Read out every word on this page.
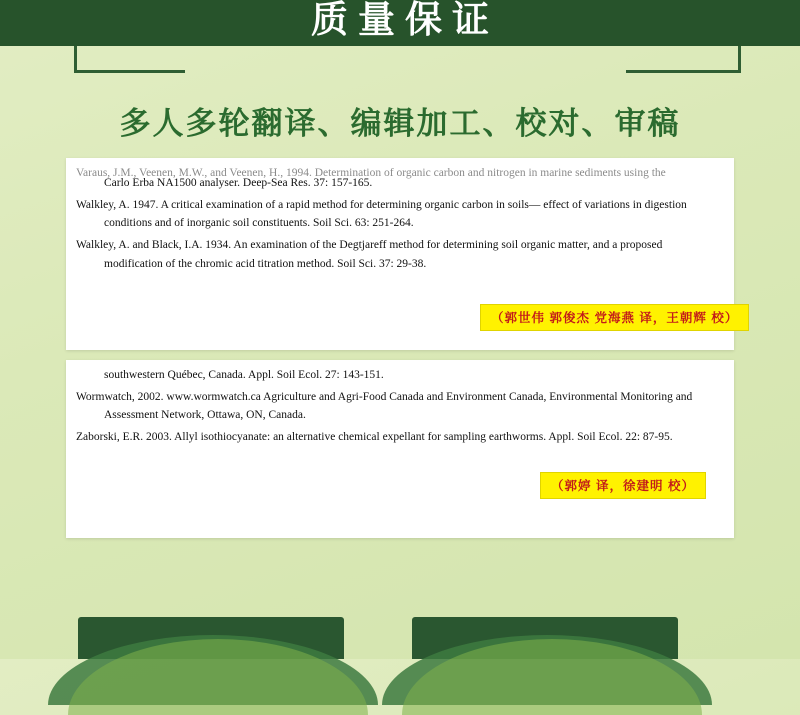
质量保证
多人多轮翻译、编辑加工、校对、审稿

Varaus, J.M., Veenen, M.W., and Veenen, H., 1994. Determination of organic carbon and nitrogen in marine sediments using the

Carlo Erba NA1500 analyser. Deep-Sea Res. 37: 157-165.

Walkley, A. 1947. A critical examination of a rapid method for determining organic carbon in soils— effect of variations in digestion conditions and of inorganic soil constituents. Soil Sci. 63: 251-264.

Walkley, A. and Black, I.A. 1934. An examination of the Degtjareff method for determining soil organic matter, and a proposed modification of the chromic acid titration method. Soil Sci. 37: 29-38.

（郭世伟 郭俊杰 党海燕 译，王朝辉 校）

southwestern Québec, Canada. Appl. Soil Ecol. 27: 143-151.

Wormwatch, 2002. www.wormwatch.ca Agriculture and Agri-Food Canada and Environment Canada, Environmental Monitoring and Assessment Network, Ottawa, ON, Canada.

Zaborski, E.R. 2003. Allyl isothiocyanate: an alternative chemical expellant for sampling earthworms. Appl. Soil Ecol. 22: 87-95.

（郭婷 译，徐建明 校）
